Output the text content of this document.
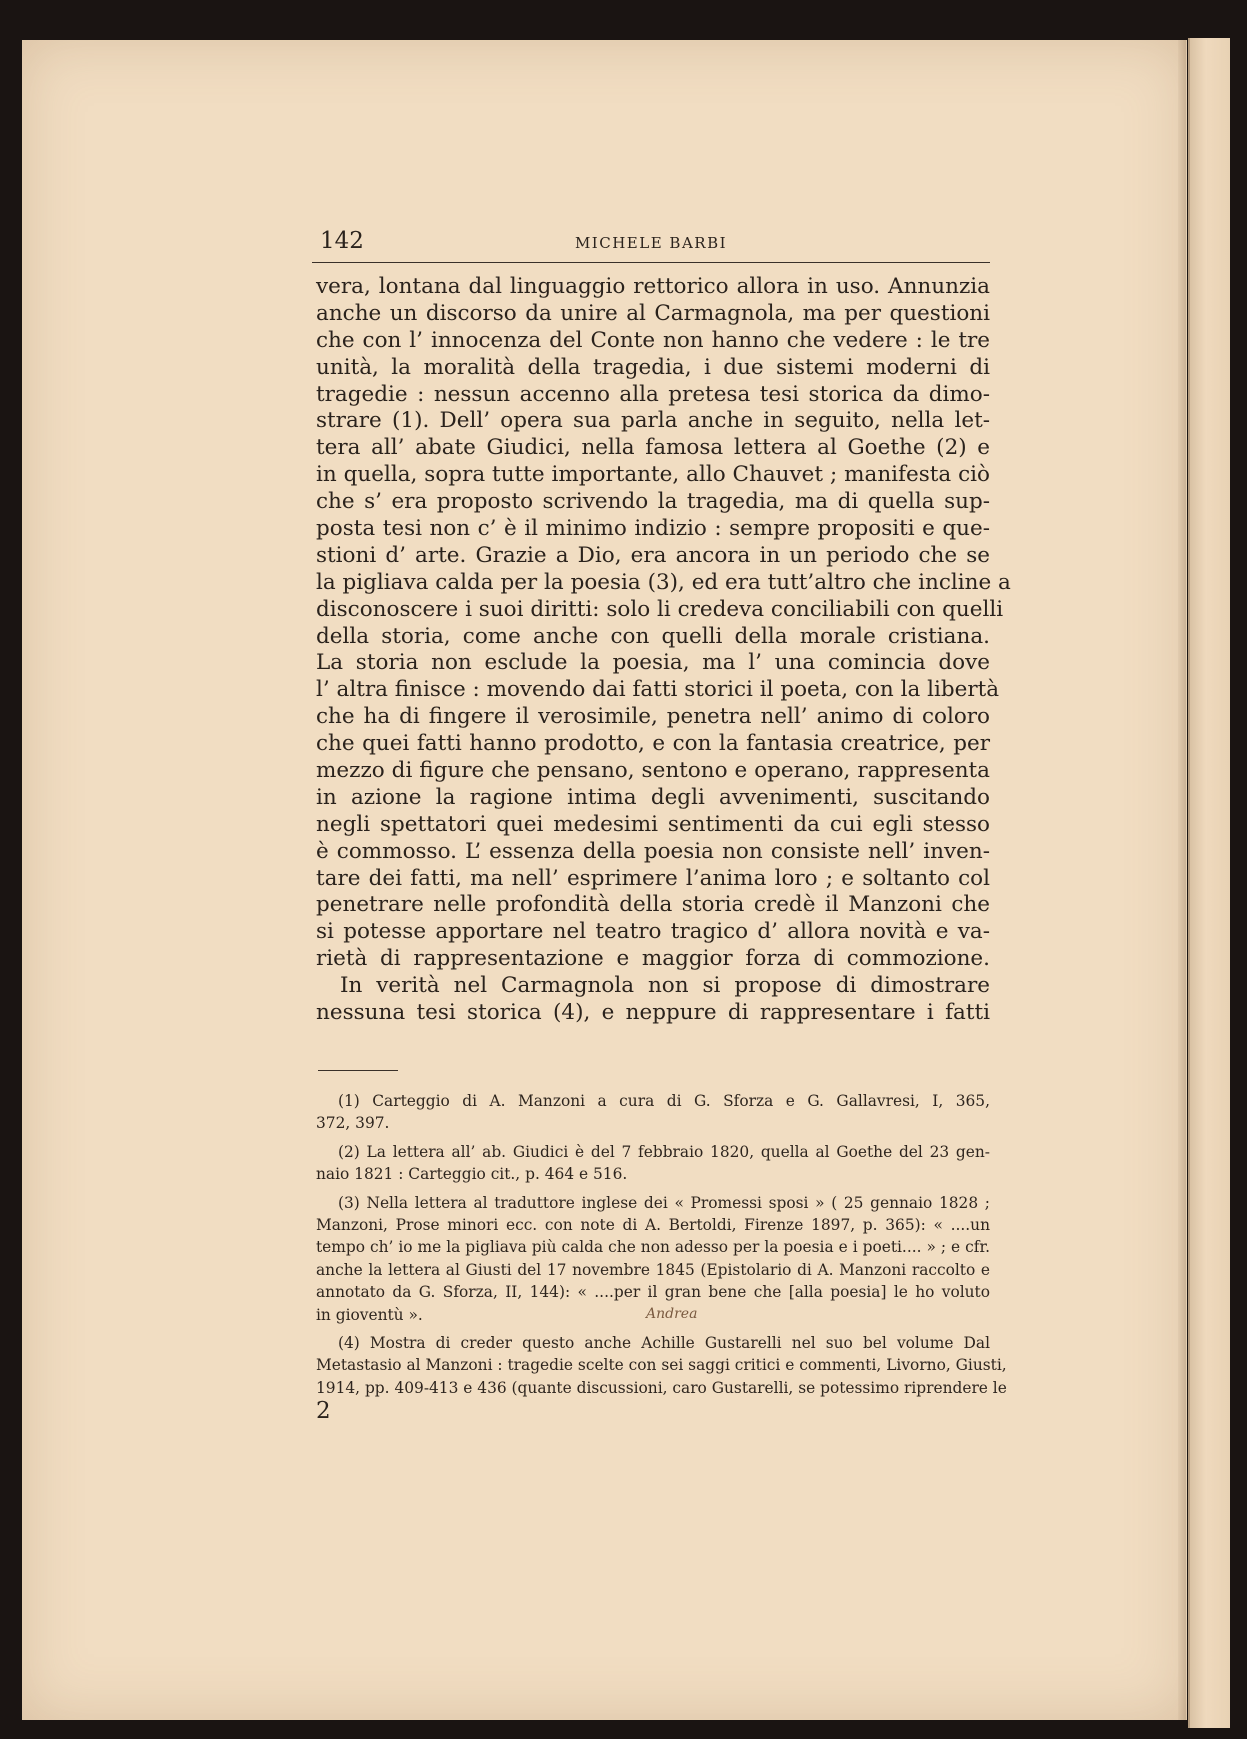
142	MICHELE BARBI
vera, lontana dal linguaggio rettorico allora in uso. Annunzia
anche un discorso da unire al Carmagnola, ma per questioni
che con l’ innocenza del Conte non hanno che vedere : le tre
unità, la moralità della tragedia, i due sistemi moderni di
tragedie : nessun accenno alla pretesa tesi storica da dimo-
strare (1). Dell’ opera sua parla anche in seguito, nella let-
tera all’ abate Giudici, nella famosa lettera al Goethe (2) e
in quella, sopra tutte importante, allo Chauvet ; manifesta ciò
che s’ era proposto scrivendo la tragedia, ma di quella sup-
posta tesi non c’ è il minimo indizio : sempre propositi e que-
stioni d’ arte. Grazie a Dio, era ancora in un periodo che se
la pigliava calda per la poesia (3), ed era tutt’altro che incline a
disconoscere i suoi diritti: solo li credeva conciliabili con quelli
della storia, come anche con quelli della morale cristiana.
La storia non esclude la poesia, ma l’ una comincia dove
l’ altra finisce : movendo dai fatti storici il poeta, con la libertà
che ha di fingere il verosimile, penetra nell’ animo di coloro
che quei fatti hanno prodotto, e con la fantasia creatrice, per
mezzo di figure che pensano, sentono e operano, rappresenta
in azione la ragione intima degli avvenimenti, suscitando
negli spettatori quei medesimi sentimenti da cui egli stesso
è commosso. L’ essenza della poesia non consiste nell’ inven-
tare dei fatti, ma nell’ esprimere l’anima loro ; e soltanto col
penetrare nelle profondità della storia credè il Manzoni che
si potesse apportare nel teatro tragico d’ allora novità e va-
rietà di rappresentazione e maggior forza di commozione.
In verità nel Carmagnola non si propose di dimostrare
nessuna tesi storica (4), e neppure di rappresentare i fatti
(1) Carteggio di A. Manzoni a cura di G. Sforza e G. Gallavresi, I, 365,
372, 397.
(2) La lettera all’ ab. Giudici è del 7 febbraio 1820, quella al Goethe del 23 gen-
naio 1821 : Carteggio cit., p. 464 e 516.
(3) Nella lettera al traduttore inglese dei « Promessi sposi » ( 25 gennaio 1828 ;
Manzoni, Prose minori ecc. con note di A. Bertoldi, Firenze 1897, p. 365): « ....un
tempo ch’ io me la pigliava più calda che non adesso per la poesia e i poeti.... » ; e cfr.
anche la lettera al Giusti del 17 novembre 1845 (Epistolario di A. Manzoni raccolto e
annotato da G. Sforza, II, 144): « ....per il gran bene che [alla poesia] le ho voluto
in gioventù ».
(4) Mostra di creder questo anche Achille Gustarelli nel suo bel volume Dal
Metastasio al Manzoni : tragedie scelte con sei saggi critici e commenti, Livorno, Giusti,
1914, pp. 409-413 e 436 (quante discussioni, caro Gustarelli, se potessimo riprendere le
Andrea
2
